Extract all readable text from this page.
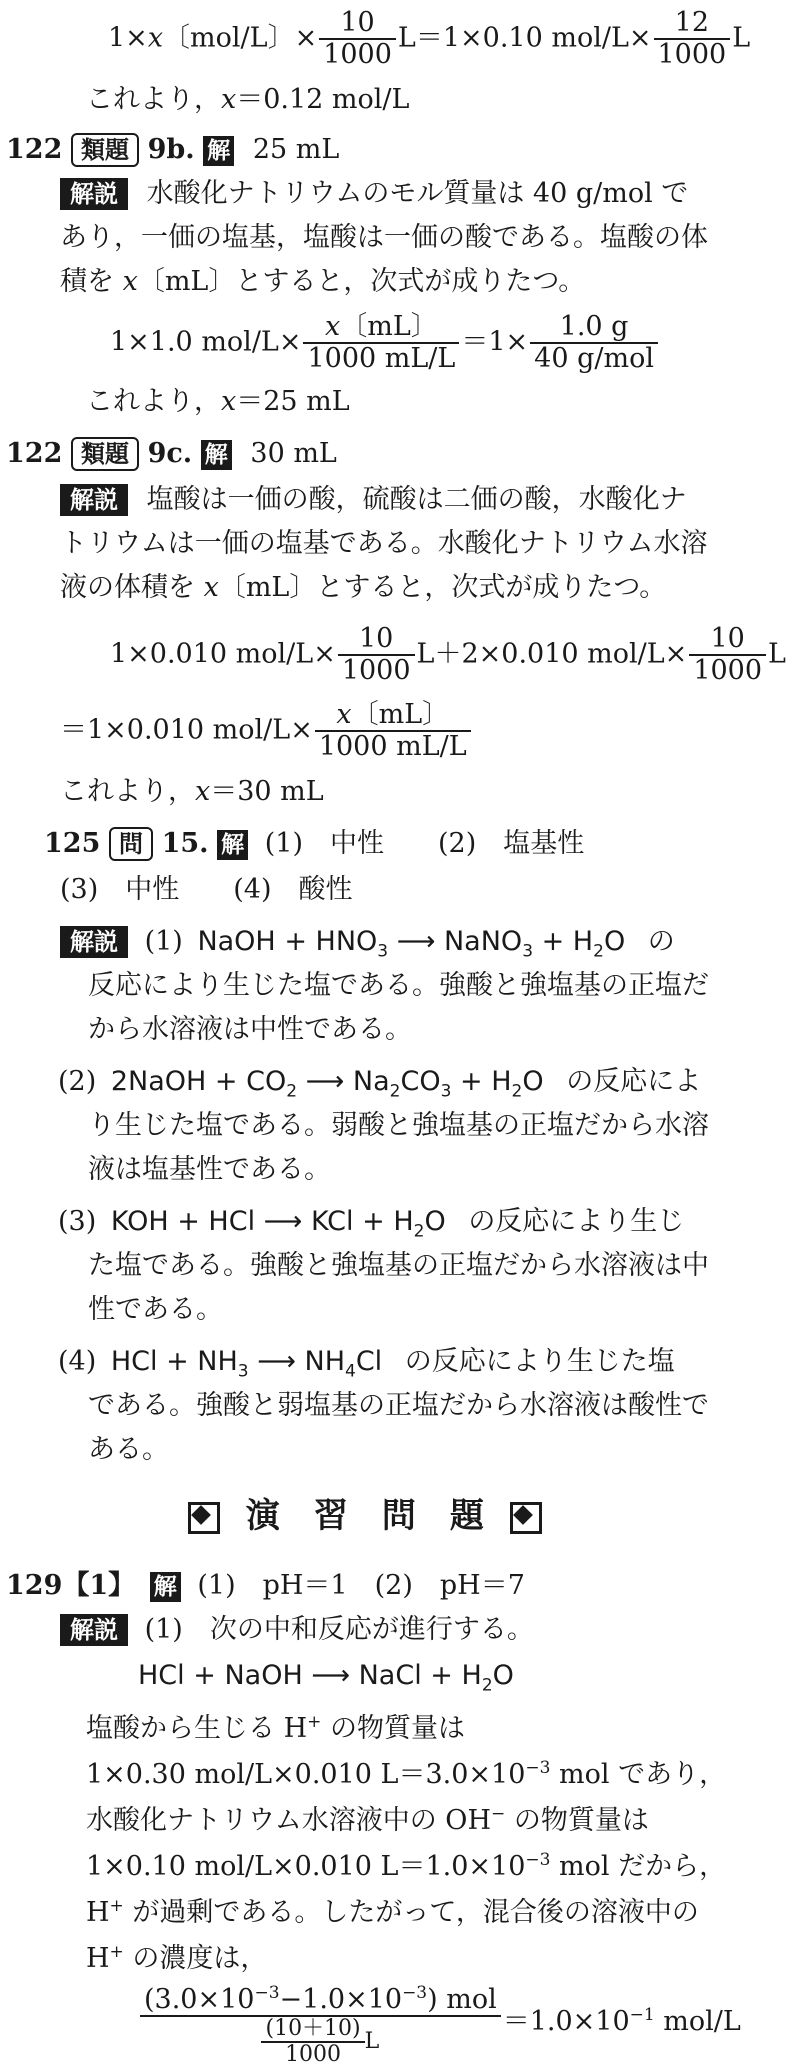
1×x〔mol/L〕× $\frac{10}{1000} L=1\times 0.10$ $mol/L\times \frac{12}{1000}$ L
これより，x＝0.12 mol/L
122 類題 9b. 解 25 mL
解説 水酸化ナトリウムのモル質量は 40 g/mol で
あり，一価の塩基，塩酸は一価の酸である。塩酸の体
積を x〔mL〕とすると，次式が成りたつ。
1×1.0 $mol/L\times \frac{x〔mL〕}{1000 mL/L} =1\times \frac{1.0 g}{\text{40 g/mol}}$
これより，x＝25 mL
122 類題 9c. 解 30 mL
解説 塩酸は一価の酸，硫酸は二価の酸，水酸化ナ
トリウムは一価の塩基である。水酸化ナトリウム水溶
液の体積を x〔mL〕とすると，次式が成りたつ。
1×0.010 $mol/L\times \frac{10}{1000} L+2\times 0.010$ $mol/L\times \frac{10}{1000}$ L
＝1×0.010 $mol/L\times \frac{x〔mL〕}{1000 mL/L}$
これより，x＝30 mL
125 問 15. 解 (1)　中性　　(2)　塩基性
(3)　中性　　(4)　酸性
解説 (1) NaOH + $HNO_3$ ⟶ NaNO$_3$ + $H_2O$ の
反応により生じた塩である。強酸と強塩基の正塩だ
から水溶液は中性である。
(2) 2NaOH + $CO_2$ ⟶ $Na_2CO_3 + H_2O$ の反応によ
り生じた塩である。弱酸と強塩基の正塩だから水溶
液は塩基性である。
(3) KOH + HCl ⟶ KCl + $H_2O$ の反応により生じ
た塩である。強酸と強塩基の正塩だから水溶液は中
性である。
(4) HCl + $NH_3$ ⟶ $NH_4Cl$ の反応により生じた塩
である。強酸と弱塩基の正塩だから水溶液は酸性で
ある。
演　習　問　題
129【1】 解 (1)　pH＝1　(2)　pH＝7
解説 (1)　次の中和反応が進行する。
HCl + NaOH ⟶ NaCl + $H_2O$
塩酸から生じる H+ の物質量は
1×0.30 mol/L×0.010 $L=3.0\times 10^{-3}$ mol であり，
水酸化ナトリウム水溶液中の OH− の物質量は
1×0.10 mol/L×0.010 $L=1.0\times 10^{-3}$ mol だから，
H+ が過剰である。したがって，混合後の溶液中の
H+ の濃度は，
$\frac{(3.0\times 10^{-3}-1.0\times 10^{-3}) mol}{\frac{(10+10)}{1000} L} =1.0\times 10^{-1}$ mol/L
